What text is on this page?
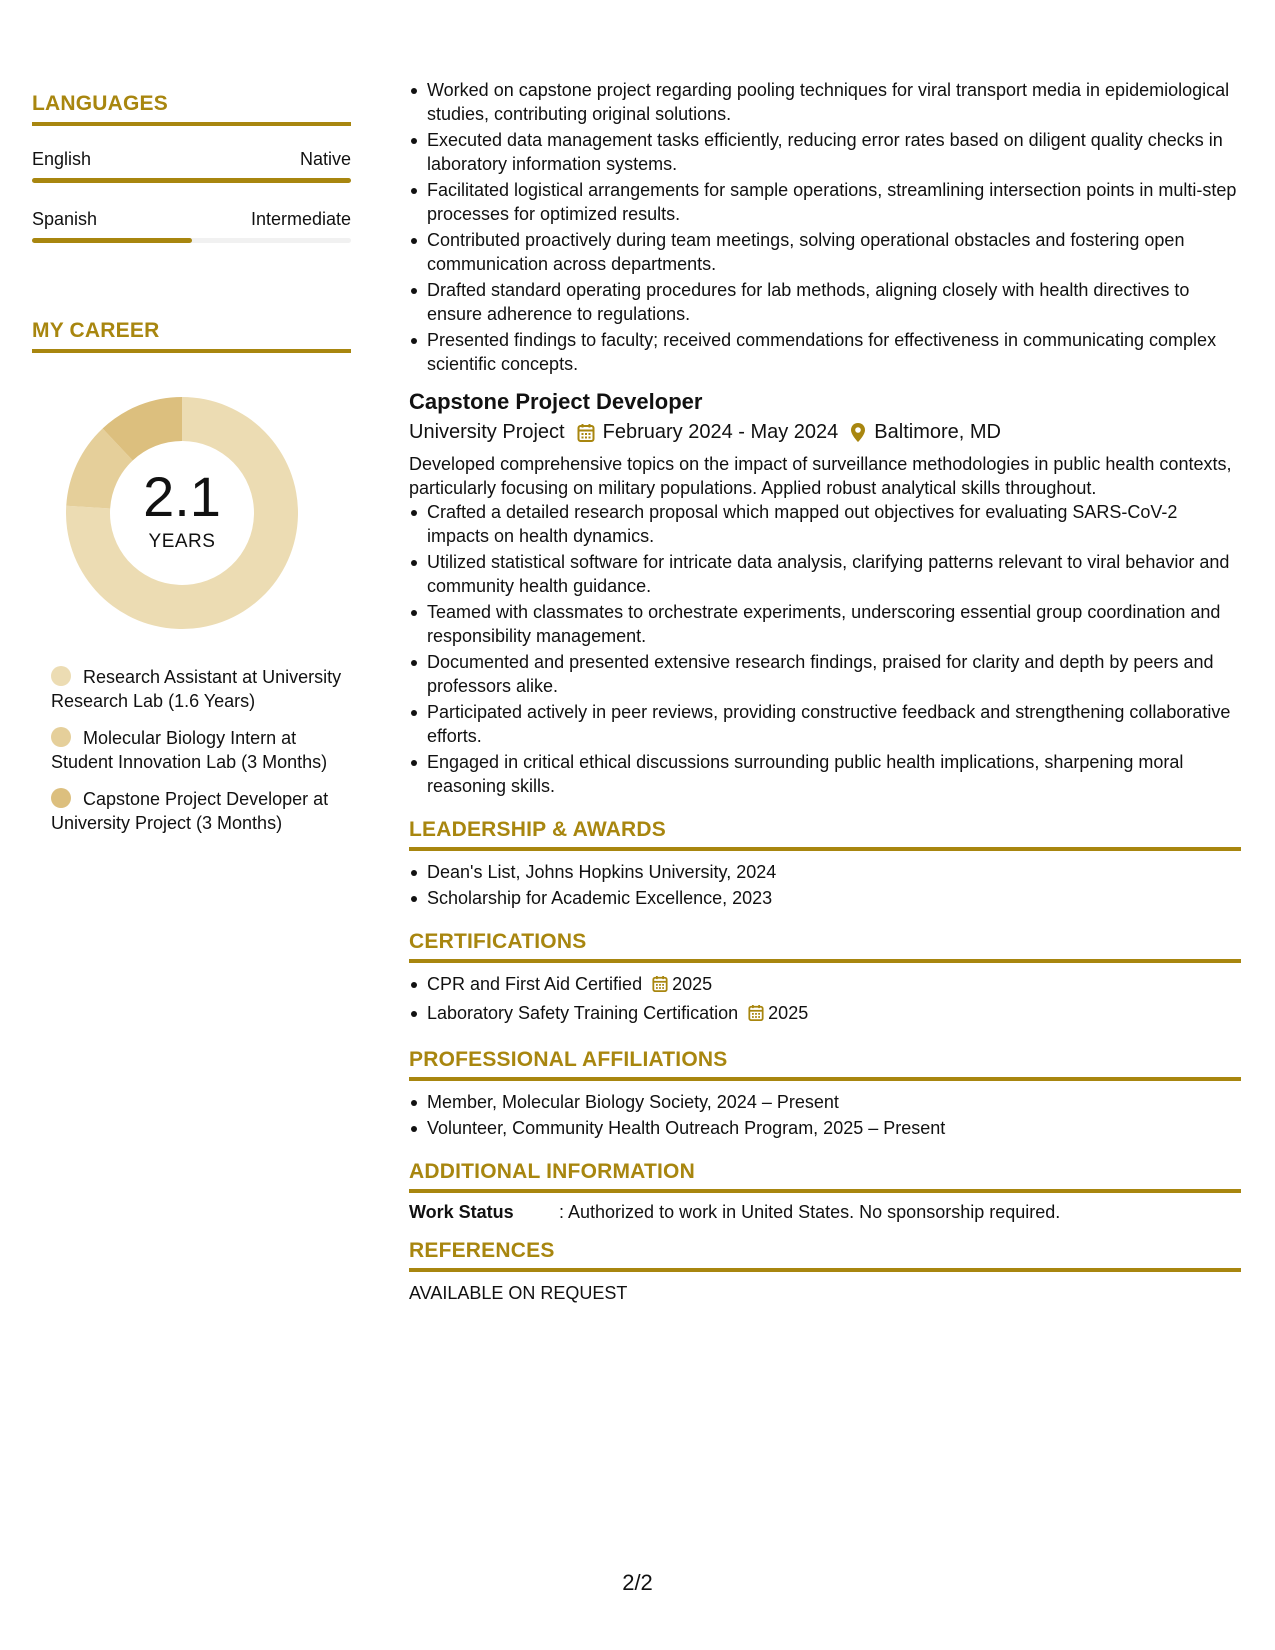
LANGUAGES
English	Native
Spanish	Intermediate
MY CAREER
2.1
YEARS
Research Assistant at University Research Lab (1.6 Years)
Molecular Biology Intern at Student Innovation Lab (3 Months)
Capstone Project Developer at University Project (3 Months)
Worked on capstone project regarding pooling techniques for viral transport media in epidemiological studies, contributing original solutions.
Executed data management tasks efficiently, reducing error rates based on diligent quality checks in laboratory information systems.
Facilitated logistical arrangements for sample operations, streamlining intersection points in multi-step processes for optimized results.
Contributed proactively during team meetings, solving operational obstacles and fostering open communication across departments.
Drafted standard operating procedures for lab methods, aligning closely with health directives to ensure adherence to regulations.
Presented findings to faculty; received commendations for effectiveness in communicating complex scientific concepts.
Capstone Project Developer
University Project February 2024 - May 2024 Baltimore, MD
Developed comprehensive topics on the impact of surveillance methodologies in public health contexts, particularly focusing on military populations. Applied robust analytical skills throughout.
Crafted a detailed research proposal which mapped out objectives for evaluating SARS-CoV-2 impacts on health dynamics.
Utilized statistical software for intricate data analysis, clarifying patterns relevant to viral behavior and community health guidance.
Teamed with classmates to orchestrate experiments, underscoring essential group coordination and responsibility management.
Documented and presented extensive research findings, praised for clarity and depth by peers and professors alike.
Participated actively in peer reviews, providing constructive feedback and strengthening collaborative efforts.
Engaged in critical ethical discussions surrounding public health implications, sharpening moral reasoning skills.
LEADERSHIP & AWARDS
Dean's List, Johns Hopkins University, 2024
Scholarship for Academic Excellence, 2023
CERTIFICATIONS
CPR and First Aid Certified 2025
Laboratory Safety Training Certification 2025
PROFESSIONAL AFFILIATIONS
Member, Molecular Biology Society, 2024 – Present
Volunteer, Community Health Outreach Program, 2025 – Present
ADDITIONAL INFORMATION
Work Status	: Authorized to work in United States. No sponsorship required.
REFERENCES
AVAILABLE ON REQUEST
2/2
